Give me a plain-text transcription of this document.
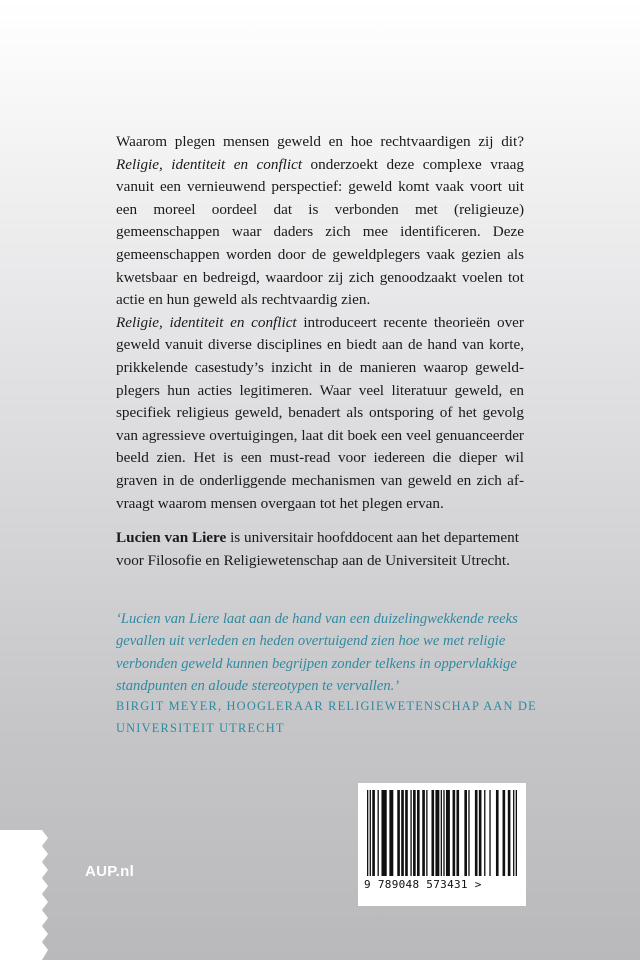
Waarom plegen mensen geweld en hoe rechtvaardigen zij dit? Religie, identiteit en conflict onderzoekt deze complexe vraag vanuit een vernieuwend perspectief: geweld komt vaak voort uit een moreel oordeel dat is verbonden met (religieuze) gemeenschappen waar daders zich mee identificeren. Deze gemeenschappen worden door de geweldplegers vaak gezien als kwetsbaar en bedreigd, waardoor zij zich genoodzaakt voelen tot actie en hun geweld als rechtvaardig zien.

Religie, identiteit en conflict introduceert recente theorieën over geweld vanuit diverse disciplines en biedt aan de hand van korte, prikkelende casestudy’s inzicht in de manieren waarop geweldplegers hun acties legitimeren. Waar veel literatuur geweld, en specifiek religieus geweld, benadert als ontsporing of het gevolg van agressieve overtuigingen, laat dit boek een veel genuanceerder beeld zien. Het is een must-read voor iedereen die dieper wil graven in de onderliggende mechanismen van geweld en zich afvraagt waarom mensen overgaan tot het plegen ervan.

Lucien van Liere is universitair hoofddocent aan het departement voor Filosofie en Religiewetenschap aan de Universiteit Utrecht.

‘Lucien van Liere laat aan de hand van een duizelingwekkende reeks gevallen uit verleden en heden overtuigend zien hoe we met religie verbonden geweld kunnen begrijpen zonder telkens in oppervlakkige standpunten en aloude stereotypen te vervallen.’

BIRGIT MEYER, HOOGLERAAR RELIGIEWETENSCHAP AAN DE UNIVERSITEIT UTRECHT

9 789048 573431 >
AUP.nl
